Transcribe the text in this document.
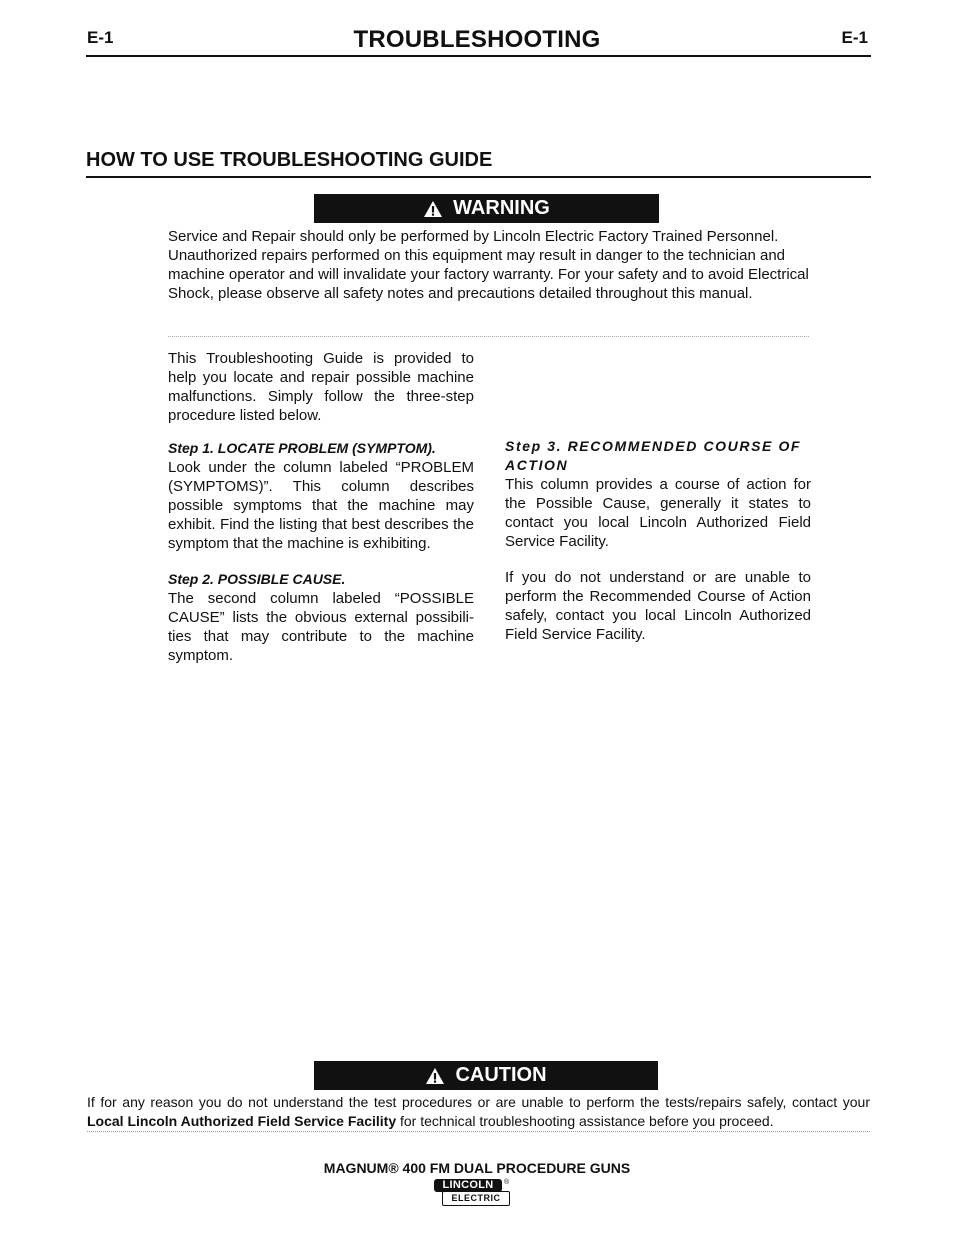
E-1	TROUBLESHOOTING	E-1
HOW TO USE TROUBLESHOOTING GUIDE
WARNING
Service and Repair should only be performed by Lincoln Electric Factory Trained Personnel. Unauthorized repairs performed on this equipment may result in danger to the technician and machine operator and will invalidate your factory warranty. For your safety and to avoid Electrical Shock, please observe all safety notes and precautions detailed throughout this manual.
This Troubleshooting Guide is provided to help you locate and repair possible machine malfunctions. Simply follow the three-step procedure listed below.
Step 1. LOCATE PROBLEM (SYMPTOM).
Look under the column labeled “PROBLEM (SYMPTOMS)”. This column describes possible symptoms that the machine may exhibit. Find the listing that best describes the symptom that the machine is exhibiting.
Step 2. POSSIBLE CAUSE.
The second column labeled “POSSIBLE CAUSE” lists the obvious external possibili-ties that may contribute to the machine symptom.
Step 3. RECOMMENDED COURSE OF ACTION
This column provides a course of action for the Possible Cause, generally it states to contact you local Lincoln Authorized Field Service Facility.
If you do not understand or are unable to perform the Recommended Course of Action safely, contact you local Lincoln Authorized Field Service Facility.
CAUTION
If for any reason you do not understand the test procedures or are unable to perform the tests/repairs safely, contact your Local Lincoln Authorized Field Service Facility for technical troubleshooting assistance before you proceed.
MAGNUM® 400 FM DUAL PROCEDURE GUNS
LINCOLN
ELECTRIC
®
